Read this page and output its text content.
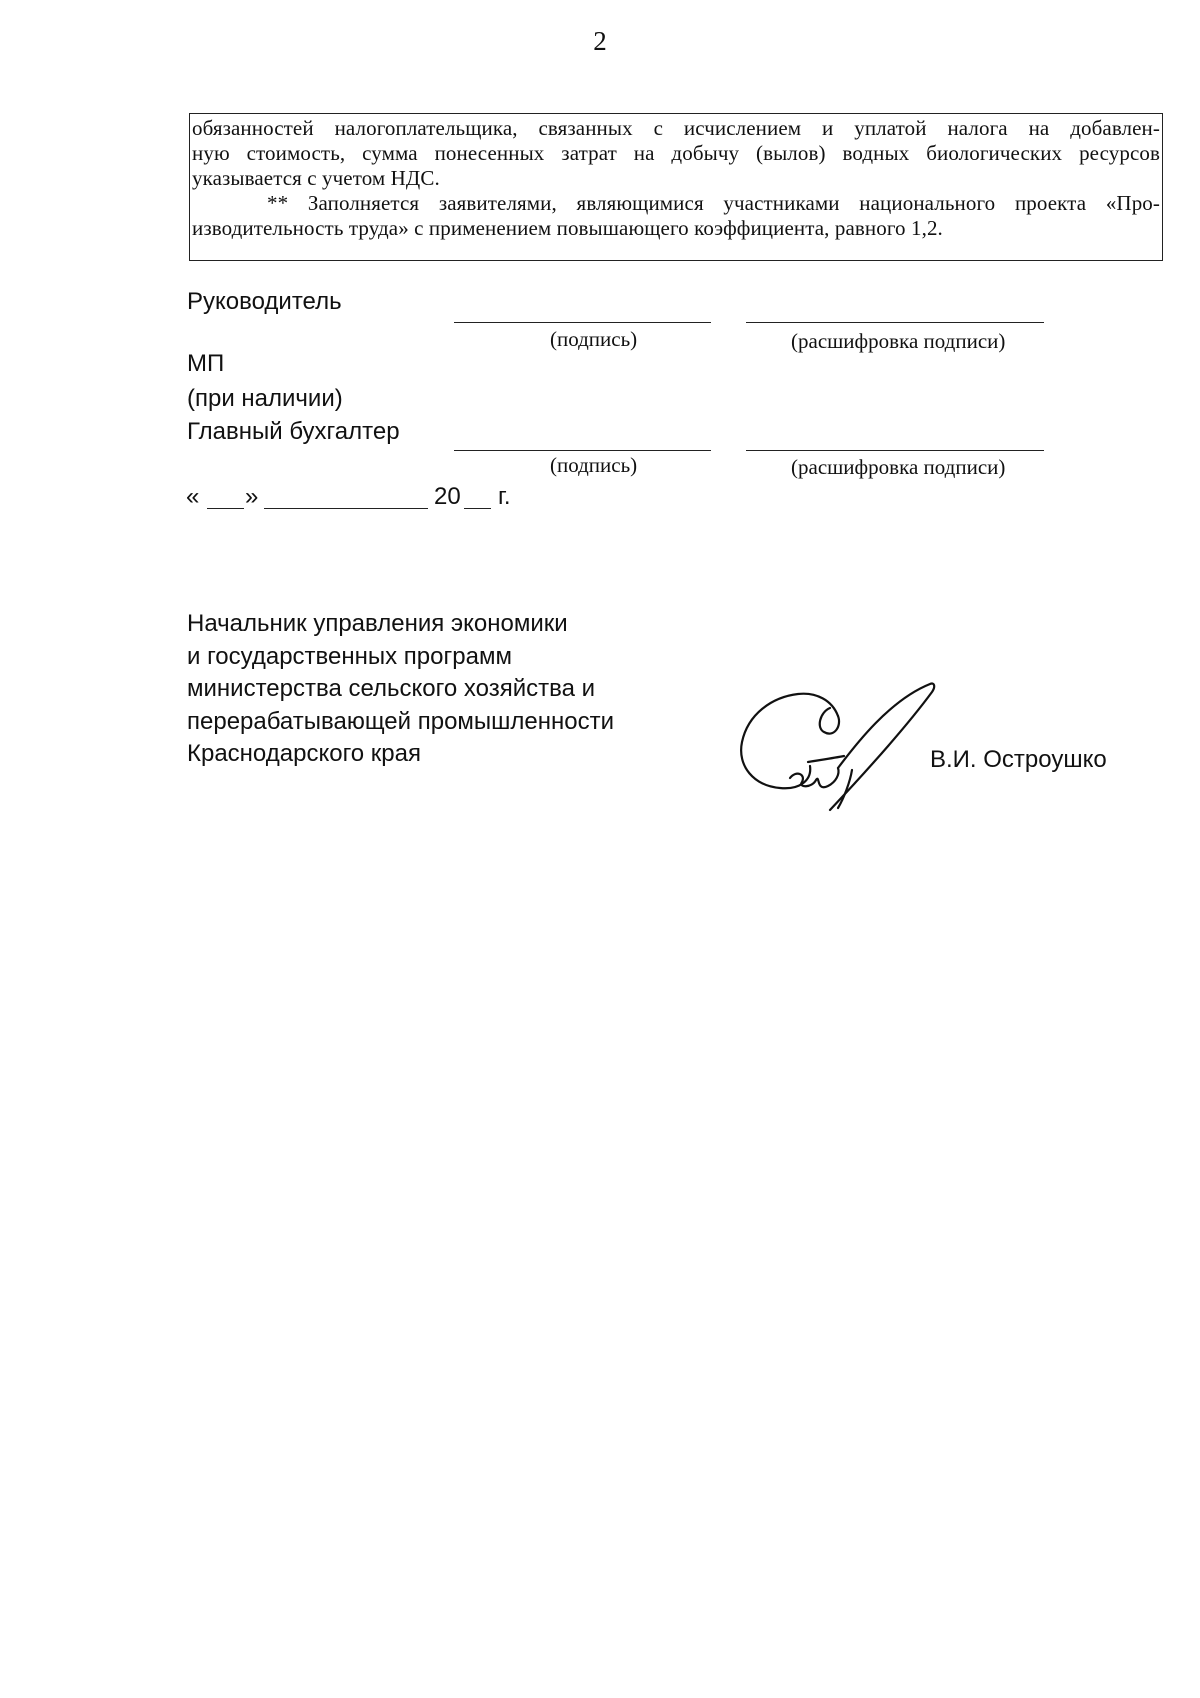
2

обязанностей налогоплательщика, связанных с исчислением и уплатой налога на добавлен-

ную стоимость, сумма понесенных затрат на добычу (вылов) водных биологических ресурсов

указывается с учетом НДС.

** Заполняется заявителями, являющимися участниками национального проекта «Про-

изводительность труда» с применением повышающего коэффициента, равного 1,2.

Руководитель
(подпись)	(расшифровка подписи)
МП
(при наличии)
Главный бухгалтер
(подпись)	(расшифровка подписи)
« »	20 г.
Начальник управления экономики
и государственных программ
министерства сельского хозяйства и
перерабатывающей промышленности
Краснодарского края	В.И. Остроушко
